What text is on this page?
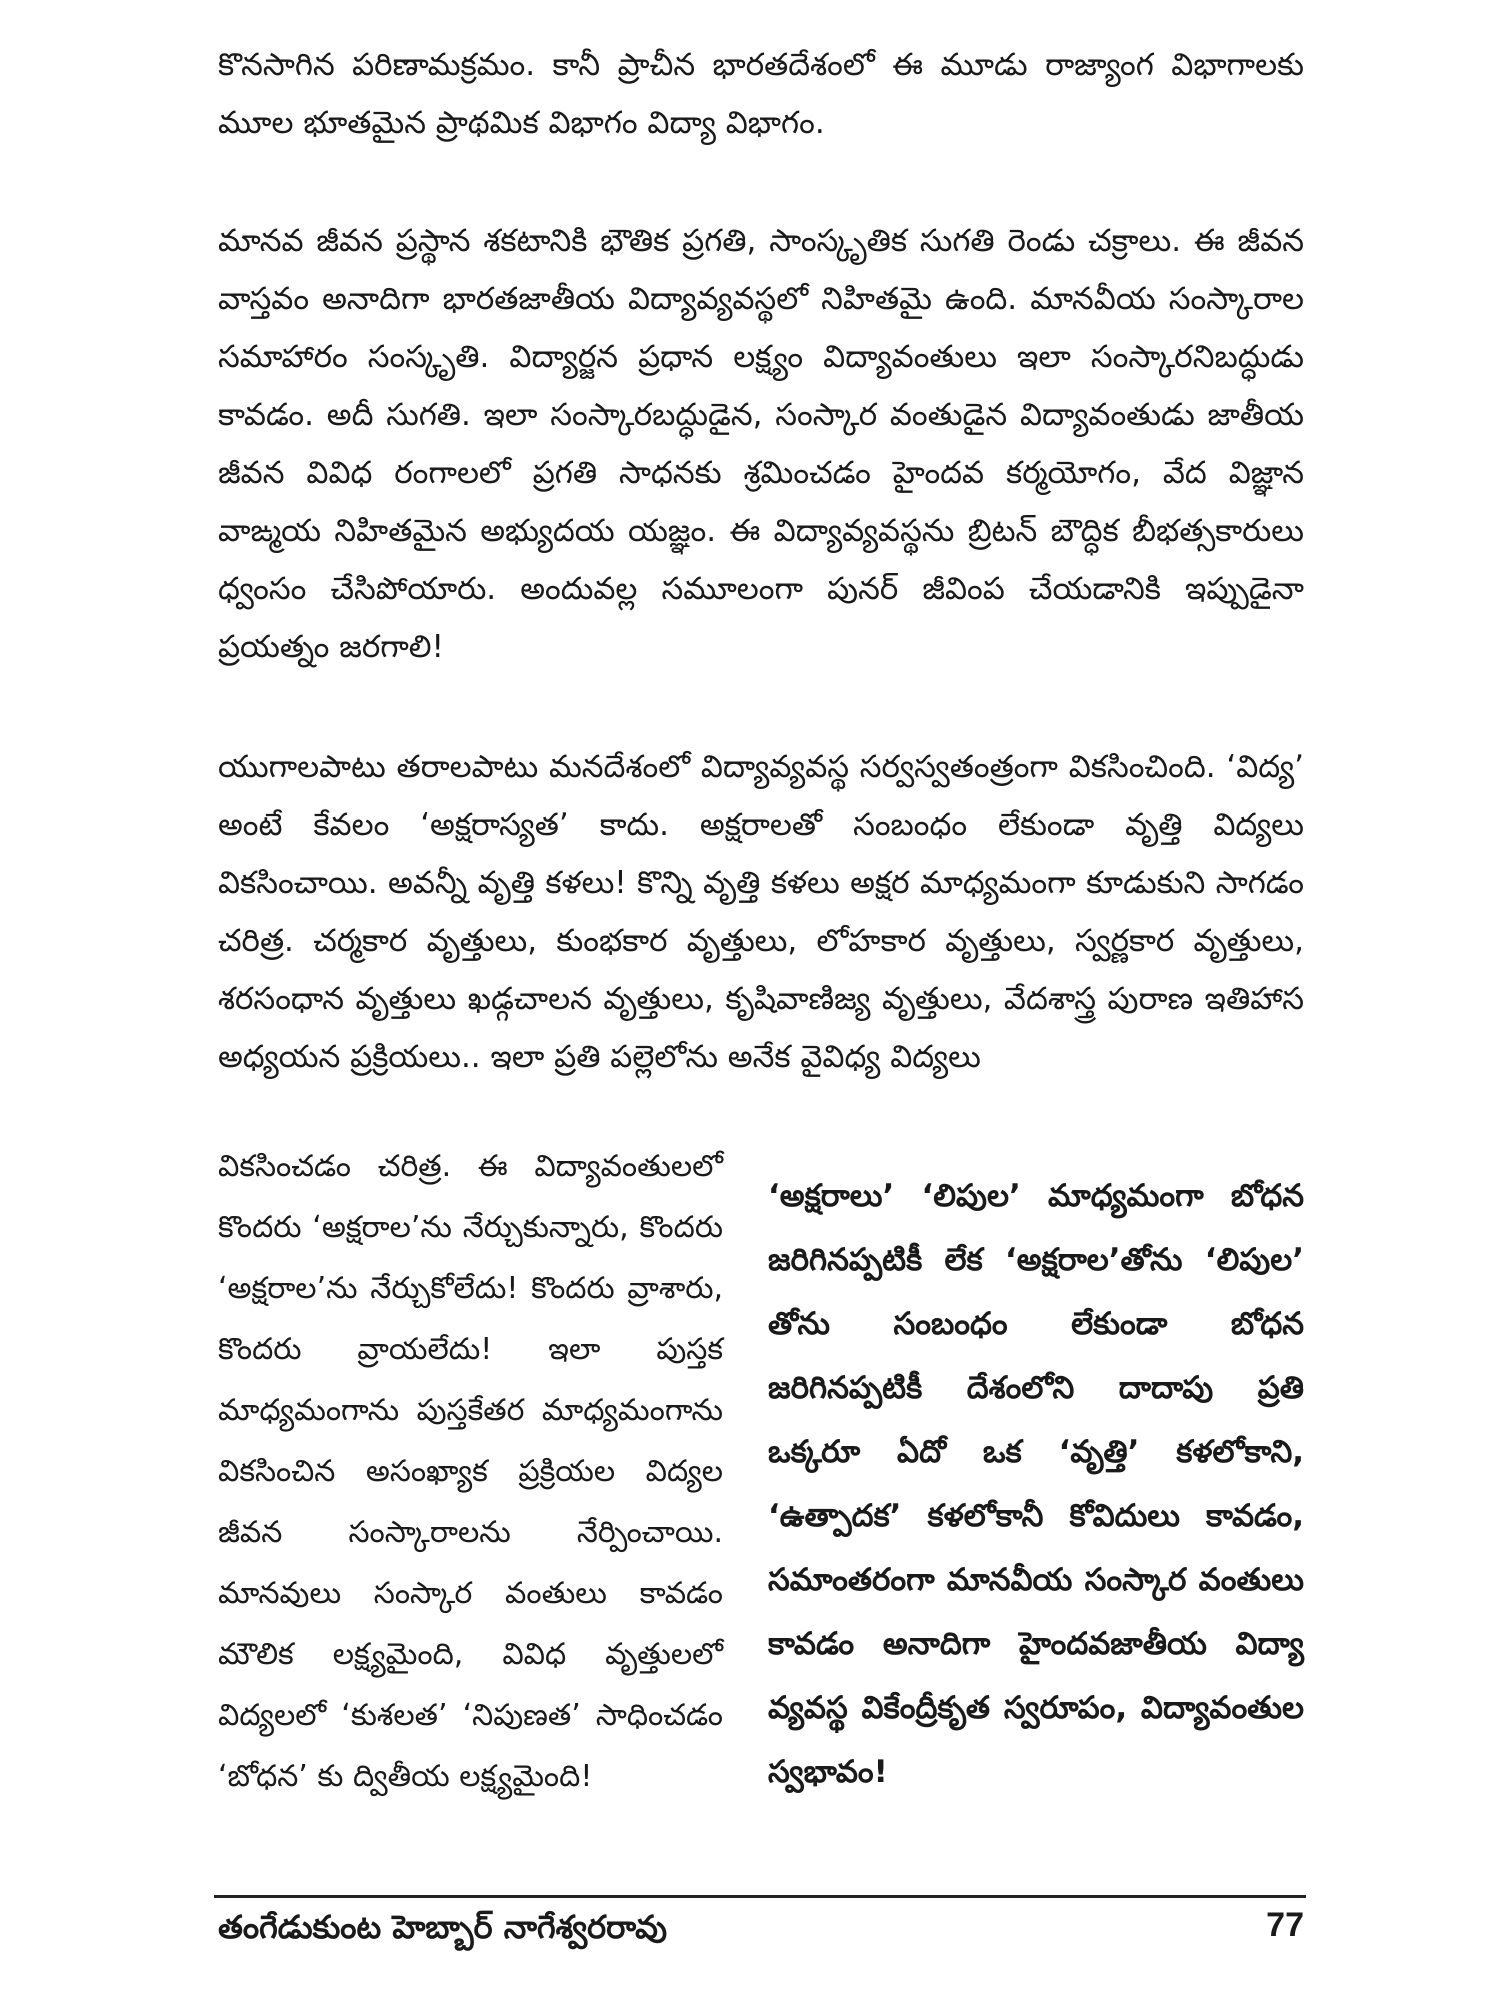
కొనసాగిన పరిణామక్రమం. కానీ ప్రాచీన భారతదేశంలో ఈ మూడు రాజ్యాంగ విభాగాలకు మూల భూతమైన ప్రాథమిక విభాగం విద్యా విభాగం.

మానవ జీవన ప్రస్థాన శకటానికి భౌతిక ప్రగతి, సాంస్కృతిక సుగతి రెండు చక్రాలు. ఈ జీవన వాస్తవం అనాదిగా భారతజాతీయ విద్యావ్యవస్థలో నిహితమై ఉంది. మానవీయ సంస్కారాల సమాహారం సంస్కృతి. విద్యార్జన ప్రధాన లక్ష్యం విద్యావంతులు ఇలా సంస్కారనిబద్ధుడు కావడం. అదీ సుగతి. ఇలా సంస్కారబద్ధుడైన, సంస్కార వంతుడైన విద్యావంతుడు జాతీయ జీవన వివిధ రంగాలలో ప్రగతి సాధనకు శ్రమించడం హైందవ కర్మయోగం, వేద విజ్ఞాన వాఙ్మయ నిహితమైన అభ్యుదయ యజ్ఞం. ఈ విద్యావ్యవస్థను బ్రిటన్ బౌద్ధిక బీభత్సకారులు ధ్వంసం చేసిపోయారు. అందువల్ల సమూలంగా పునర్ జీవింప చేయడానికి ఇప్పుడైనా ప్రయత్నం జరగాలి!

యుగాలపాటు తరాలపాటు మనదేశంలో విద్యావ్యవస్థ సర్వస్వతంత్రంగా వికసించింది. ‘విద్య’ అంటే కేవలం ‘అక్షరాస్యత’ కాదు. అక్షరాలతో సంబంధం లేకుండా వృత్తి విద్యలు వికసించాయి. అవన్నీ వృత్తి కళలు! కొన్ని వృత్తి కళలు అక్షర మాధ్యమంగా కూడుకుని సాగడం చరిత్ర. చర్మకార వృత్తులు, కుంభకార వృత్తులు, లోహకార వృత్తులు, స్వర్ణకార వృత్తులు, శరసంధాన వృత్తులు ఖడ్గచాలన వృత్తులు, కృషివాణిజ్య వృత్తులు, వేదశాస్త్ర పురాణ ఇతిహాస అధ్యయన ప్రక్రియలు.. ఇలా ప్రతి పల్లెలోను అనేక వైవిధ్య విద్యలు

వికసించడం చరిత్ర. ఈ విద్యావంతులలో కొందరు ‘అక్షరాల’ను నేర్చుకున్నారు, కొందరు ‘అక్షరాల’ను నేర్చుకోలేదు! కొందరు వ్రాశారు, కొందరు వ్రాయలేదు! ఇలా పుస్తక మాధ్యమంగాను పుస్తకేతర మాధ్యమంగాను వికసించిన అసంఖ్యాక ప్రక్రియల విద్యల జీవన సంస్కారాలను నేర్పించాయి. మానవులు సంస్కార వంతులు కావడం మౌలిక లక్ష్యమైంది, వివిధ వృత్తులలో విద్యలలో ‘కుశలత’ ‘నిపుణత’ సాధించడం ‘బోధన’ కు ద్వితీయ లక్ష్యమైంది!

‘అక్షరాలు’ ‘లిపుల’ మాధ్యమంగా బోధన జరిగినప్పటికీ లేక ‘అక్షరాల’తోను ‘లిపుల’ తోను సంబంధం లేకుండా బోధన జరిగినప్పటికీ దేశంలోని దాదాపు ప్రతి ఒక్కరూ ఏదో ఒక ‘వృత్తి’ కళలోకాని, ‘ఉత్పాదక’ కళలోకానీ కోవిదులు కావడం, సమాంతరంగా మానవీయ సంస్కార వంతులు కావడం అనాదిగా హైందవజాతీయ విద్యా వ్యవస్థ వికేంద్రీకృత స్వరూపం, విద్యావంతుల స్వభావం!

తంగేడుకుంట హెబ్బార్ నాగేశ్వరరావు	77
